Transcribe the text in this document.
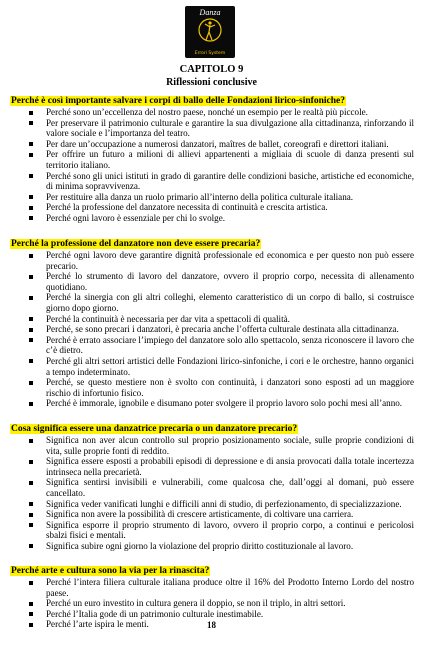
Danza
Errori System
CAPITOLO 9
Riflessioni conclusive
Perché è così importante salvare i corpi di ballo delle Fondazioni lirico-sinfoniche?
Perché sono un’eccellenza del nostro paese, nonché un esempio per le realtà più piccole.
Per preservare il patrimonio culturale e garantire la sua divulgazione alla cittadinanza, rinforzando il valore sociale e l’importanza del teatro.
Per dare un’occupazione a numerosi danzatori, maîtres de ballet, coreografi e direttori italiani.
Per offrire un futuro a milioni di allievi appartenenti a migliaia di scuole di danza presenti sul territorio italiano.
Perché sono gli unici istituti in grado di garantire delle condizioni basiche, artistiche ed economiche, di minima sopravvivenza.
Per restituire alla danza un ruolo primario all’interno della politica culturale italiana.
Perché la professione del danzatore necessita di continuità e crescita artistica.
Perché ogni lavoro è essenziale per chi lo svolge.
Perché la professione del danzatore non deve essere precaria?
Perché ogni lavoro deve garantire dignità professionale ed economica e per questo non può essere precario.
Perché lo strumento di lavoro del danzatore, ovvero il proprio corpo, necessita di allenamento quotidiano.
Perché la sinergia con gli altri colleghi, elemento caratteristico di un corpo di ballo, si costruisce giorno dopo giorno.
Perché la continuità è necessaria per dar vita a spettacoli di qualità.
Perché, se sono precari i danzatori, è precaria anche l’offerta culturale destinata alla cittadinanza.
Perché è errato associare l’impiego del danzatore solo allo spettacolo, senza riconoscere il lavoro che c’è dietro.
Perché gli altri settori artistici delle Fondazioni lirico-sinfoniche, i cori e le orchestre, hanno organici a tempo indeterminato.
Perché, se questo mestiere non è svolto con continuità, i danzatori sono esposti ad un maggiore rischio di infortunio fisico.
Perché è immorale, ignobile e disumano poter svolgere il proprio lavoro solo pochi mesi all’anno.
Cosa significa essere una danzatrice precaria o un danzatore precario?
Significa non aver alcun controllo sul proprio posizionamento sociale, sulle proprie condizioni di vita, sulle proprie fonti di reddito.
Significa essere esposti a probabili episodi di depressione e di ansia provocati dalla totale incertezza intrinseca nella precarietà.
Significa sentirsi invisibili e vulnerabili, come qualcosa che, dall’oggi al domani, può essere cancellato.
Significa veder vanificati lunghi e difficili anni di studio, di perfezionamento, di specializzazione.
Significa non avere la possibilità di crescere artisticamente, di coltivare una carriera.
Significa esporre il proprio strumento di lavoro, ovvero il proprio corpo, a continui e pericolosi sbalzi fisici e mentali.
Significa subire ogni giorno la violazione del proprio diritto costituzionale al lavoro.
Perché arte e cultura sono la via per la rinascita?
Perché l’intera filiera culturale italiana produce oltre il 16% del Prodotto Interno Lordo del nostro paese.
Perché un euro investito in cultura genera il doppio, se non il triplo, in altri settori.
Perché l’Italia gode di un patrimonio culturale inestimabile.
Perché l’arte ispira le menti.	18
